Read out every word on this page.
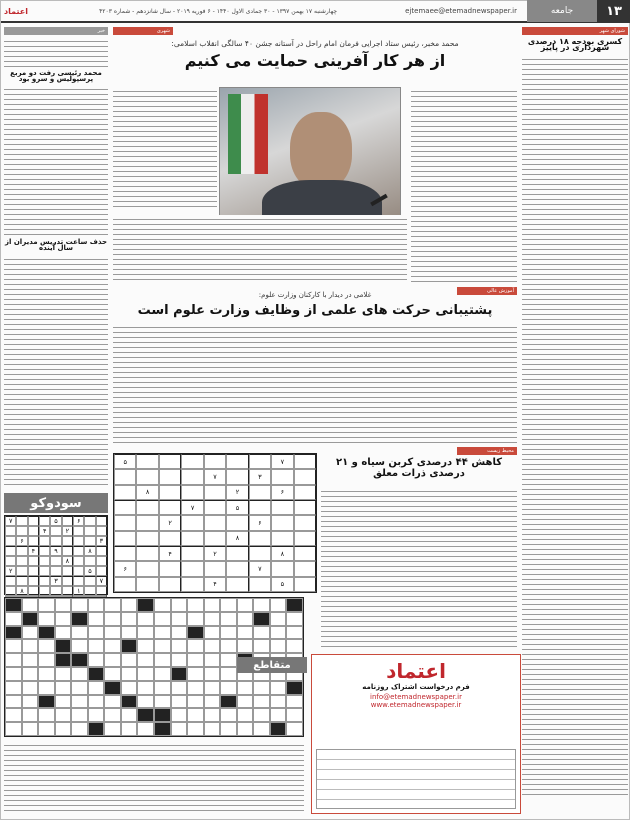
۱۳
جامعه
ejtemaee@etemadnewspaper.ir
چهارشنبه ۱۷ بهمن ۱۳۹۷ - ۳۰ جمادی الاول ۱۴۴۰ - ۶ فوریه ۲۰۱۹ - سال شانزدهم - شماره ۴۲۰۳
اعتماد
شورای شهر
کسری بودجه ۱۸ درصدی شهرداری در پاییز
خبر
محمد رئیسی رفت دو مربع پرسپولیس و سرو بود
حذف ساعت تدریس مدیران از سال آینده
شهری
محمد مخبر، رئیس ستاد اجرایی فرمان امام راحل در آستانه جشن ۴۰ سالگی انقلاب اسلامی:
از هر کار آفرینی حمایت می کنیم
آموزش عالی
غلامی در دیدار با کارکنان وزارت علوم:
پشتیبانی حرکت های علمی از وظایف وزارت علوم است
محیط زیست
کاهش ۴۴ درصدی کربن سیاه و ۲۱ درصدی ذرات معلق
سودوکو
۶
۵
۷
۲
۴
۳
۶
۸
۹
۴
۸
۵
۲
۷
۳
۱
۸
۷
۵
۳
۷
۶
۲
۸
۵
۷
۶
۲
۸
۸
۲
۴
۷
۶
۵
۴
متقاطع	اعتماد
فرم درخواست اشتراک روزنامه
info@etemadnewspaper.ir
www.etemadnewspaper.ir
